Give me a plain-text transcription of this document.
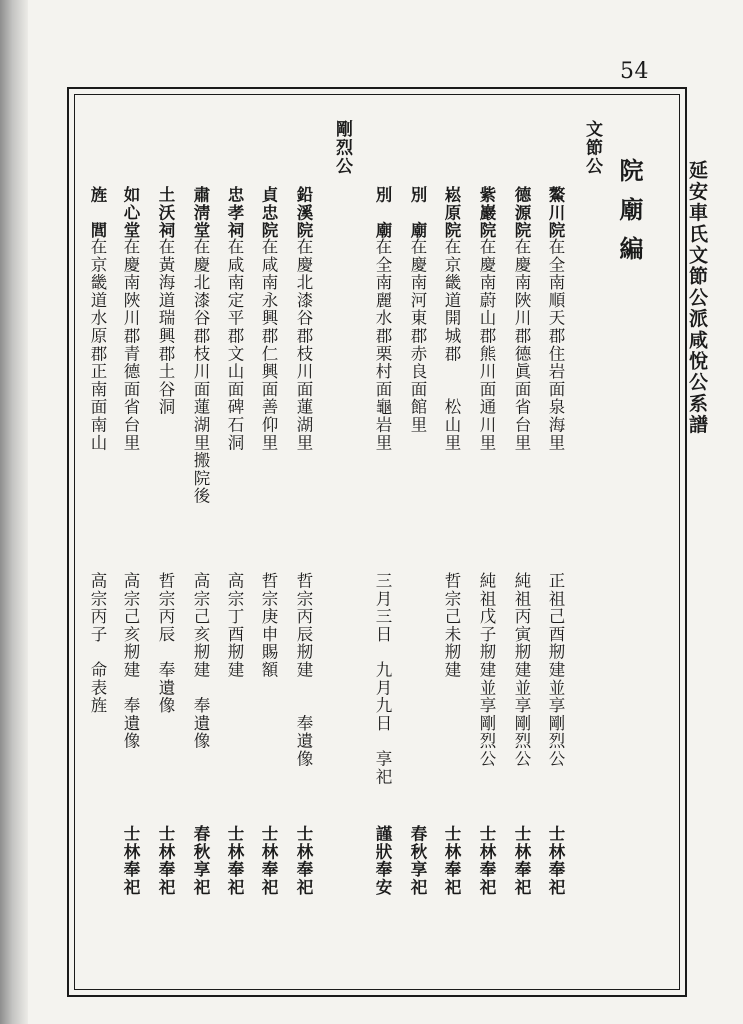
54
延安車氏文節公派咸悅公系譜
院廟編
文節公
剛烈公
鰲川院
在全南順天郡住岩面泉海里
正祖己酉剏建並享剛烈公
士林奉祀
德源院
在慶南陜川郡德眞面省台里
純祖丙寅剏建並享剛烈公
士林奉祀
紫巖院
在慶南蔚山郡熊川面通川里
純祖戊子剏建並享剛烈公
士林奉祀
崧原院
在京畿道開城郡　　松山里
哲宗己未剏建
士林奉祀
別　廟
在慶南河東郡赤良面館里
春秋享祀
別　廟
在全南麗水郡栗村面龜岩里
三月三日　九月九日　享祀
謹狀奉安
鉛溪院
在慶北漆谷郡枝川面蓮湖里
哲宗丙辰剏建　　奉遺像
士林奉祀
貞忠院
在咸南永興郡仁興面善仰里
哲宗庚申賜額
士林奉祀
忠孝祠
在咸南定平郡文山面碑石洞
高宗丁酉剏建
士林奉祀
肅淸堂
在慶北漆谷郡枝川面蓮湖里搬院後
高宗己亥剏建　奉遺像
春秋享祀
土沃祠
在黃海道瑞興郡土谷洞
哲宗丙辰　奉遺像
士林奉祀
如心堂
在慶南陜川郡青德面省台里
高宗己亥剏建　奉遺像
士林奉祀
旌　閭
在京畿道水原郡正南面南山
高宗丙子　命表旌
